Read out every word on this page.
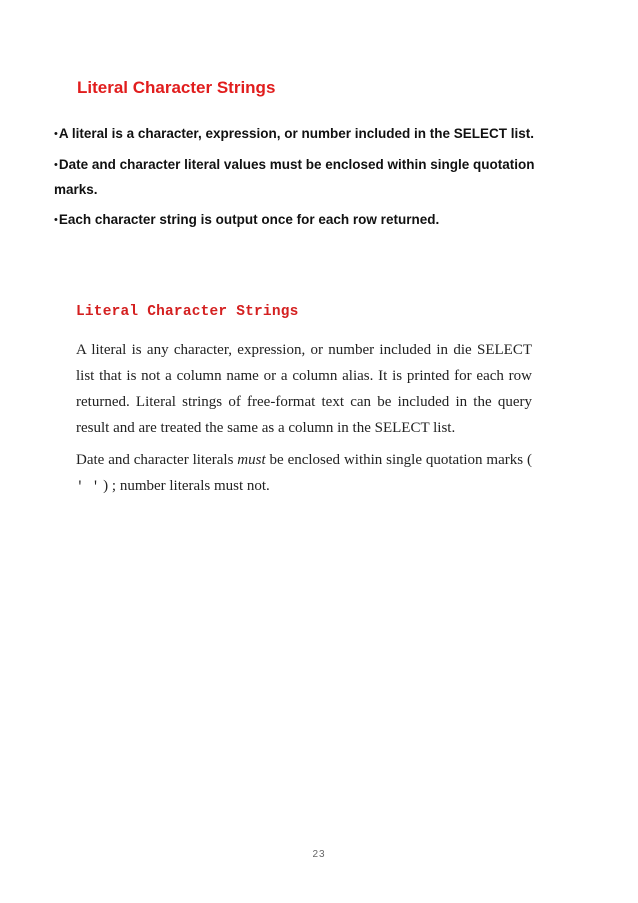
Literal Character Strings
•A literal is a character, expression, or number included in the SELECT list.
•Date and character literal values must be enclosed within single quotation marks.
•Each character string is output once for each row returned.
Literal Character Strings

A literal is any character, expression, or number included in die SELECT list that is not a column name or a column alias. It is printed for each row returned. Literal strings of free-format text can be included in the query result and are treated the same as a column in the SELECT list.

Date and character literals must be enclosed within single quotation marks ( ' ' ) ; number literals must not.

23
